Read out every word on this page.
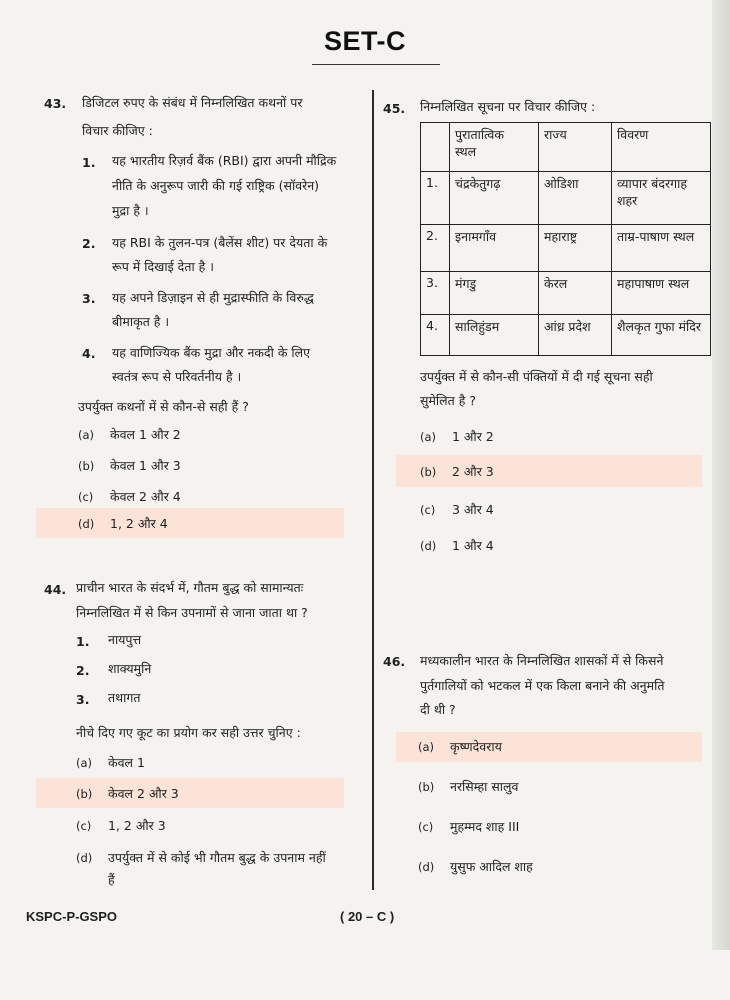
SET-C
43. डिजिटल रुपए के संबंध में निम्नलिखित कथनों पर
विचार कीजिए :
1. यह भारतीय रिज़र्व बैंक (RBI) द्वारा अपनी मौद्रिक
नीति के अनुरूप जारी की गई राष्ट्रिक (सॉवरेन)
मुद्रा है ।
2. यह RBI के तुलन-पत्र (बैलेंस शीट) पर देयता के
रूप में दिखाई देता है ।
3. यह अपने डिज़ाइन से ही मुद्रास्फीति के विरुद्ध
बीमाकृत है ।
4. यह वाणिज्यिक बैंक मुद्रा और नकदी के लिए
स्वतंत्र रूप से परिवर्तनीय है ।
उपर्युक्त कथनों में से कौन-से सही हैं ?
(a) केवल 1 और 2
(b) केवल 1 और 3
(c) केवल 2 और 4
(d) 1, 2 और 4
44. प्राचीन भारत के संदर्भ में, गौतम बुद्ध को सामान्यतः
निम्नलिखित में से किन उपनामों से जाना जाता था ?
1. नायपुत्त
2. शाक्यमुनि
3. तथागत
नीचे दिए गए कूट का प्रयोग कर सही उत्तर चुनिए :
(a) केवल 1
(b) केवल 2 और 3
(c) 1, 2 और 3
(d) उपर्युक्त में से कोई भी गौतम बुद्ध के उपनाम नहीं
हैं
45. निम्नलिखित सूचना पर विचार कीजिए :

	पुरातात्विक
स्थल	राज्य	विवरण
1.	चंद्रकेतुगढ़	ओडिशा	व्यापार बंदरगाह
शहर

2.	इनामगाँव	महाराष्ट्र	ताम्र-पाषाण स्थल
3.	मंगडु	केरल	महापाषाण स्थल
4.	सालिहुंडम	आंध्र प्रदेश	शैलकृत गुफा मंदिर
उपर्युक्त में से कौन-सी पंक्तियों में दी गई सूचना सही
सुमेलित है ?
(a) 1 और 2
(b) 2 और 3
(c) 3 और 4
(d) 1 और 4
46. मध्यकालीन भारत के निम्नलिखित शासकों में से किसने
पुर्तगालियों को भटकल में एक किला बनाने की अनुमति
दी थी ?
(a) कृष्णदेवराय
(b) नरसिम्हा सालुव
(c) मुहम्मद शाह III
(d) युसुफ आदिल शाह
KSPC-P-GSPO	( 20 – C )
